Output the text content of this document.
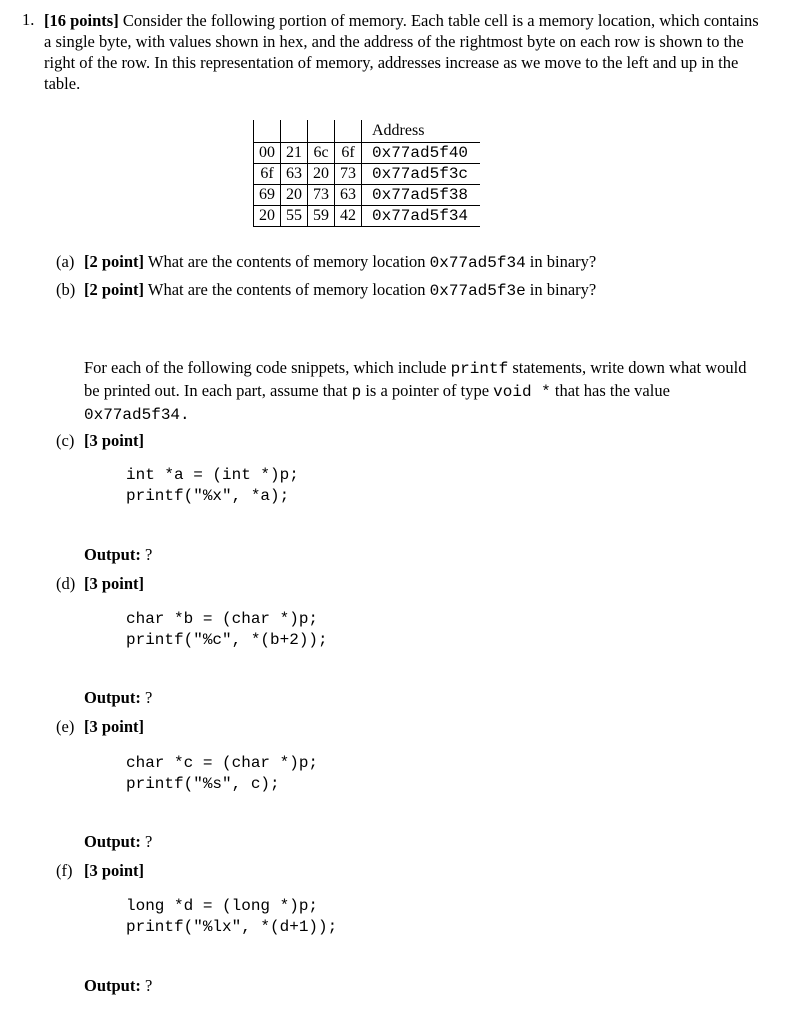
1. [16 points] Consider the following portion of memory. Each table cell is a memory location, which contains a single byte, with values shown in hex, and the address of the rightmost byte on each row is shown to the right of the row. In this representation of memory, addresses increase as we move to the left and up in the table.
				Address
00	21	6c	6f	0x77ad5f40
6f	63	20	73	0x77ad5f3c
69	20	73	63	0x77ad5f38
20	55	59	42	0x77ad5f34
(a) [2 point] What are the contents of memory location 0x77ad5f34 in binary?
(b) [2 point] What are the contents of memory location 0x77ad5f3e in binary?
For each of the following code snippets, which include printf statements, write down what would be printed out. In each part, assume that p is a pointer of type void * that has the value 0x77ad5f34.
(c) [3 point]
int *a = (int *)p;
printf("%x", *a);
Output: ?
(d) [3 point]
char *b = (char *)p;
printf("%c", *(b+2));
Output: ?
(e) [3 point]
char *c = (char *)p;
printf("%s", c);
Output: ?
(f) [3 point]
long *d = (long *)p;
printf("%lx", *(d+1));
Output: ?
